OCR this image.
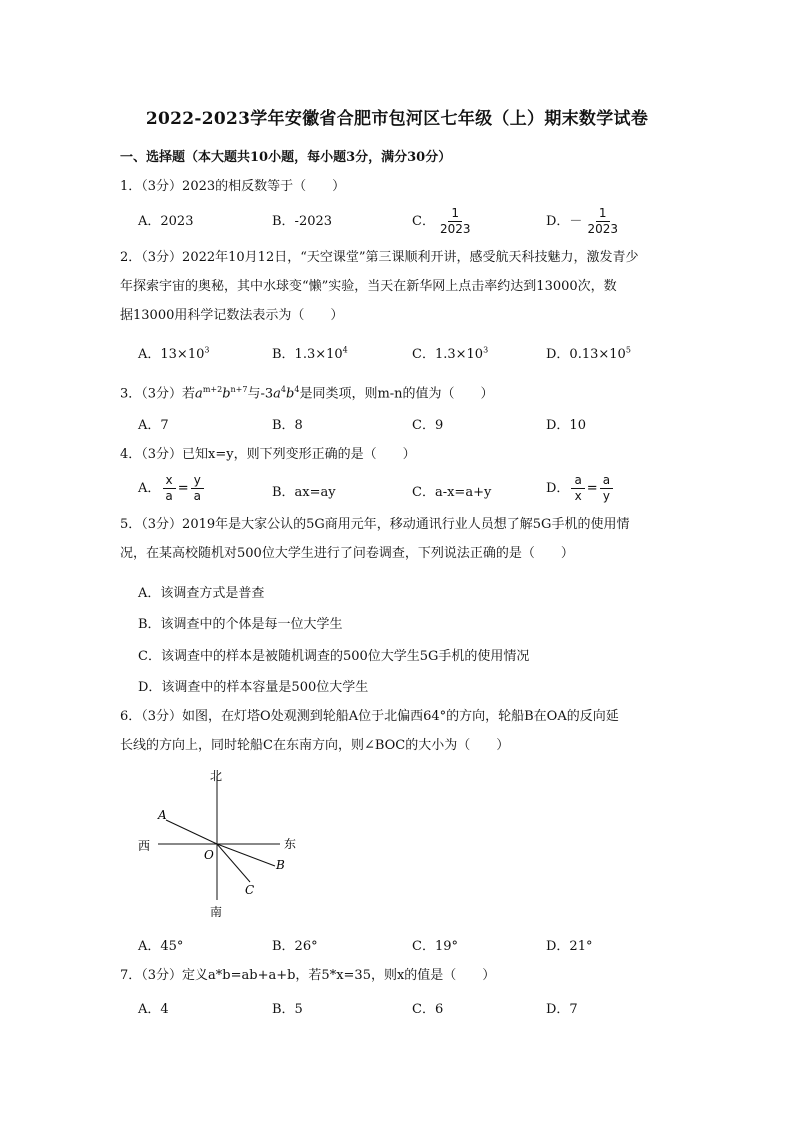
2022-2023学年安徽省合肥市包河区七年级（上）期末数学试卷
一、选择题（本大题共10小题，每小题3分，满分30分）
1．（3分）2023的相反数等于（　　）
A．2023	B．-2023	C． $\frac{1}{2023}$	D．－ $\frac{1}{2023}$
2．（3分）2022年10月12日，“天空课堂”第三课顺利开讲，感受航天科技魅力，激发青少
年探索宇宙的奥秘，其中水球变“懒”实验，当天在新华网上点击率约达到13000次，数
据13000用科学记数法表示为（　　）
A．$13\times 10^3$	B．$1.3\times 10^4$	C．$1.3\times 10^3$	D．$0.13\times 10^5$
3．（3分）若$a^{m+2}b^{n+7}$与$-3a^4b^4$是同类项，则m-n的值为（　　）
A．7	B．8	C．9	D．10
4．（3分）已知x=y，则下列变形正确的是（　　）
A． $\frac{x}{a} = \frac{y}{a}$	B．ax=ay	C．a-x=a+y	D． $\frac{a}{x} = \frac{a}{y}$
5．（3分）2019年是大家公认的5G商用元年，移动通讯行业人员想了解5G手机的使用情
况，在某高校随机对500位大学生进行了问卷调查，下列说法正确的是（　　）
A．该调查方式是普查
B．该调查中的个体是每一位大学生
C．该调查中的样本是被随机调查的500位大学生5G手机的使用情况
D．该调查中的样本容量是500位大学生
6．（3分）如图，在灯塔O处观测到轮船A位于北偏西64°的方向，轮船B在OA的反向延
长线的方向上，同时轮船C在东南方向，则∠BOC的大小为（　　）
北
南
西	东
A
B
C
O
A．45°	B．26°	C．19°	D．21°
7．（3分）定义a*b=ab+a+b，若5*x=35，则x的值是（　　）
A．4	B．5	C．6	D．7
